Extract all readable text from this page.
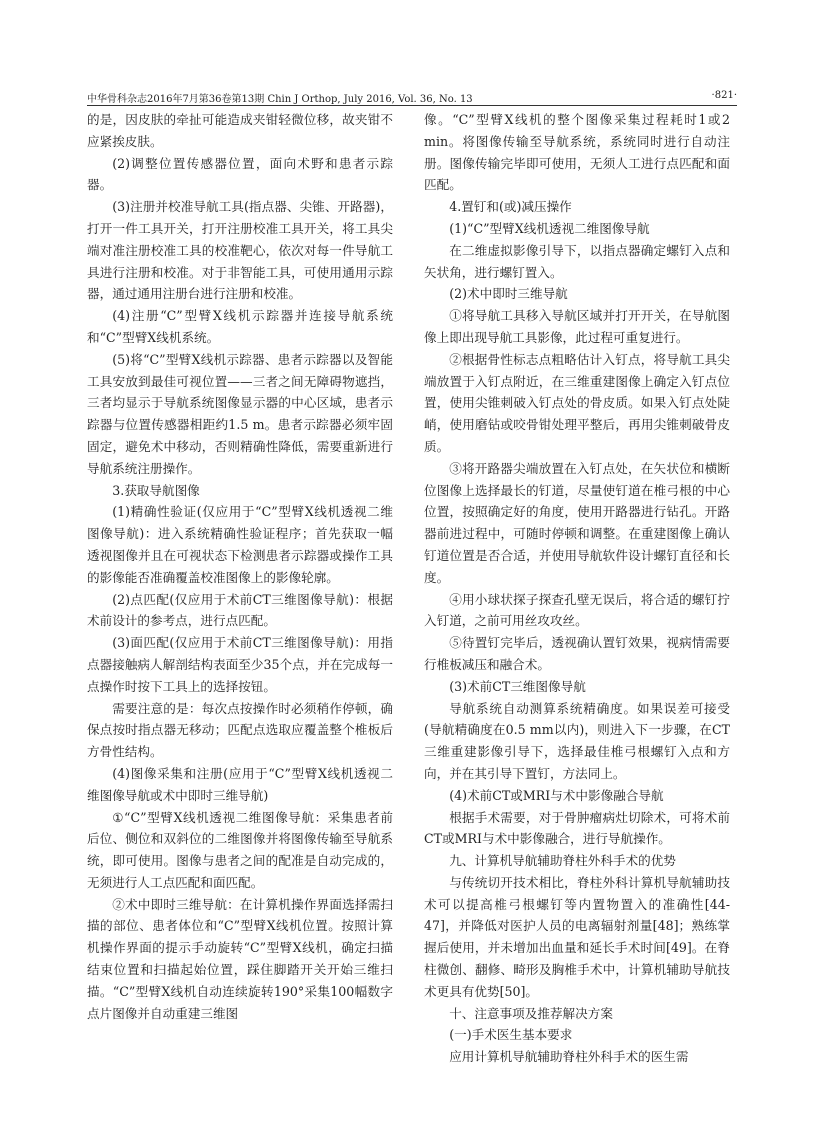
中华骨科杂志2016年7月第36卷第13期 Chin J Orthop, July 2016, Vol. 36, No. 13	·821·

的是，因皮肤的牵扯可能造成夹钳轻微位移，故夹钳不应紧挨皮肤。

(2)调整位置传感器位置，面向术野和患者示踪器。

(3)注册并校准导航工具(指点器、尖锥、开路器)，打开一件工具开关，打开注册校准工具开关，将工具尖端对准注册校准工具的校准靶心，依次对每一件导航工具进行注册和校准。对于非智能工具，可使用通用示踪器，通过通用注册台进行注册和校准。

(4)注册“C”型臂X线机示踪器并连接导航系统和“C”型臂X线机系统。

(5)将“C”型臂X线机示踪器、患者示踪器以及智能工具安放到最佳可视位置——三者之间无障碍物遮挡，三者均显示于导航系统图像显示器的中心区域，患者示踪器与位置传感器相距约1.5 m。患者示踪器必须牢固固定，避免术中移动，否则精确性降低，需要重新进行导航系统注册操作。

3.获取导航图像

(1)精确性验证(仅应用于“C”型臂X线机透视二维图像导航)：进入系统精确性验证程序；首先获取一幅透视图像并且在可视状态下检测患者示踪器或操作工具的影像能否准确覆盖校准图像上的影像轮廓。

(2)点匹配(仅应用于术前CT三维图像导航)：根据术前设计的参考点，进行点匹配。

(3)面匹配(仅应用于术前CT三维图像导航)：用指点器接触病人解剖结构表面至少35个点，并在完成每一点操作时按下工具上的选择按钮。

需要注意的是：每次点按操作时必须稍作停顿，确保点按时指点器无移动；匹配点选取应覆盖整个椎板后方骨性结构。

(4)图像采集和注册(应用于“C”型臂X线机透视二维图像导航或术中即时三维导航)

①“C”型臂X线机透视二维图像导航：采集患者前后位、侧位和双斜位的二维图像并将图像传输至导航系统，即可使用。图像与患者之间的配准是自动完成的，无须进行人工点匹配和面匹配。

②术中即时三维导航：在计算机操作界面选择需扫描的部位、患者体位和“C”型臂X线机位置。按照计算机操作界面的提示手动旋转“C”型臂X线机，确定扫描结束位置和扫描起始位置，踩住脚踏开关开始三维扫描。“C”型臂X线机自动连续旋转190°采集100幅数字点片图像并自动重建三维图

像。“C”型臂X线机的整个图像采集过程耗时1或2 min。将图像传输至导航系统，系统同时进行自动注册。图像传输完毕即可使用，无须人工进行点匹配和面匹配。

4.置钉和(或)减压操作

(1)“C”型臂X线机透视二维图像导航

在二维虚拟影像引导下，以指点器确定螺钉入点和矢状角，进行螺钉置入。

(2)术中即时三维导航

①将导航工具移入导航区域并打开开关，在导航图像上即出现导航工具影像，此过程可重复进行。

②根据骨性标志点粗略估计入钉点，将导航工具尖端放置于入钉点附近，在三维重建图像上确定入钉点位置，使用尖锥刺破入钉点处的骨皮质。如果入钉点处陡峭，使用磨钻或咬骨钳处理平整后，再用尖锥刺破骨皮质。

③将开路器尖端放置在入钉点处，在矢状位和横断位图像上选择最长的钉道，尽量使钉道在椎弓根的中心位置，按照确定好的角度，使用开路器进行钻孔。开路器前进过程中，可随时停顿和调整。在重建图像上确认钉道位置是否合适，并使用导航软件设计螺钉直径和长度。

④用小球状探子探查孔壁无误后，将合适的螺钉拧入钉道，之前可用丝攻攻丝。

⑤待置钉完毕后，透视确认置钉效果，视病情需要行椎板减压和融合术。

(3)术前CT三维图像导航

导航系统自动测算系统精确度。如果误差可接受(导航精确度在0.5 mm以内)，则进入下一步骤，在CT三维重建影像引导下，选择最佳椎弓根螺钉入点和方向，并在其引导下置钉，方法同上。

(4)术前CT或MRI与术中影像融合导航

根据手术需要，对于骨肿瘤病灶切除术，可将术前CT或MRI与术中影像融合，进行导航操作。

九、计算机导航辅助脊柱外科手术的优势

与传统切开技术相比，脊柱外科计算机导航辅助技术可以提高椎弓根螺钉等内置物置入的准确性[44-47]，并降低对医护人员的电离辐射剂量[48]；熟练掌握后使用，并未增加出血量和延长手术时间[49]。在脊柱微创、翻修、畸形及胸椎手术中，计算机辅助导航技术更具有优势[50]。

十、注意事项及推荐解决方案

(一)手术医生基本要求

应用计算机导航辅助脊柱外科手术的医生需
